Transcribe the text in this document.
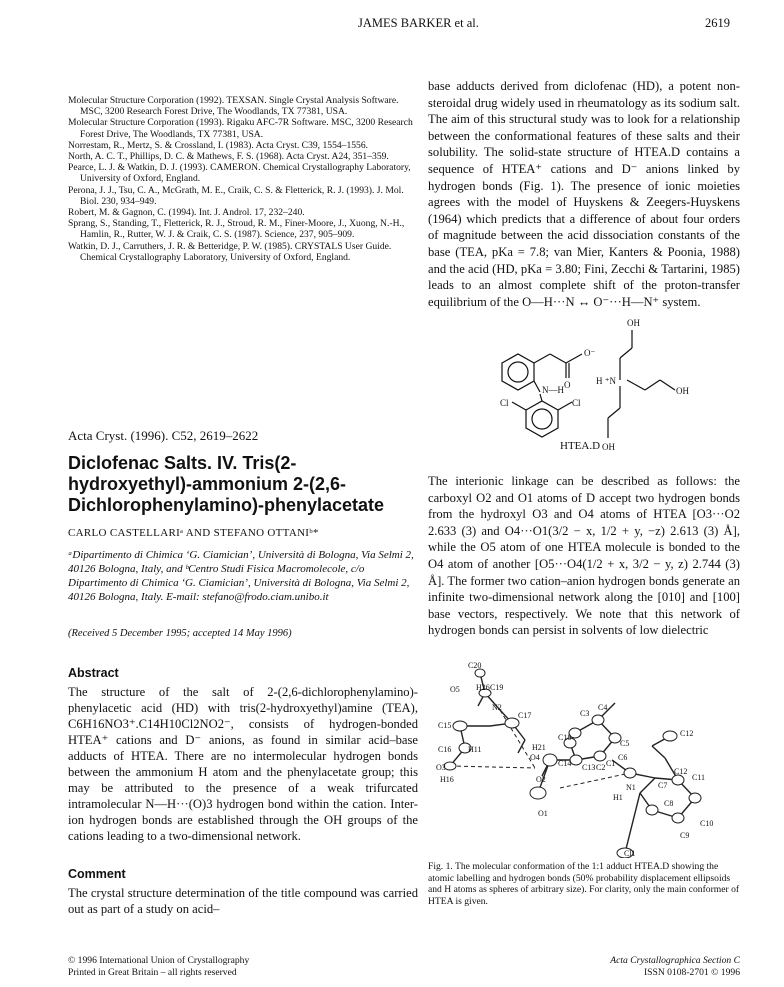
JAMES BARKER et al.	2619

Molecular Structure Corporation (1992). TEXSAN. Single Crystal Analysis Software. MSC, 3200 Research Forest Drive, The Woodlands, TX 77381, USA.

Molecular Structure Corporation (1993). Rigaku AFC-7R Software. MSC, 3200 Research Forest Drive, The Woodlands, TX 77381, USA.

Norrestam, R., Mertz, S. & Crossland, I. (1983). Acta Cryst. C39, 1554–1556.

North, A. C. T., Phillips, D. C. & Mathews, F. S. (1968). Acta Cryst. A24, 351–359.

Pearce, L. J. & Watkin, D. J. (1993). CAMERON. Chemical Crystallography Laboratory, University of Oxford, England.

Perona, J. J., Tsu, C. A., McGrath, M. E., Craik, C. S. & Fletterick, R. J. (1993). J. Mol. Biol. 230, 934–949.

Robert, M. & Gagnon, C. (1994). Int. J. Androl. 17, 232–240.

Sprang, S., Standing, T., Fletterick, R. J., Stroud, R. M., Finer-Moore, J., Xuong, N.-H., Hamlin, R., Rutter, W. J. & Craik, C. S. (1987). Science, 237, 905–909.

Watkin, D. J., Carruthers, J. R. & Betteridge, P. W. (1985). CRYSTALS User Guide. Chemical Crystallography Laboratory, University of Oxford, England.

base adducts derived from diclofenac (HD), a potent non-steroidal drug widely used in rheumatology as its sodium salt. The aim of this structural study was to look for a relationship between the conformational features of these salts and their solubility. The solid-state structure of HTEA.D contains a sequence of HTEA⁺ cations and D⁻ anions linked by hydrogen bonds (Fig. 1). The presence of ionic moieties agrees with the model of Huyskens & Zeegers-Huyskens (1964) which predicts that a difference of about four orders of magnitude between the acid dissociation constants of the base (TEA, pKa = 7.8; van Mier, Kanters & Poonia, 1988) and the acid (HD, pKa = 3.80; Fini, Zecchi & Tartarini, 1985) leads to an almost complete shift of the proton-transfer equilibrium of the O—H···N ↔ O⁻···H—N⁺ system.

O⁻
O
N—H
Cl	Cl
OH
H ⁺N
OH
OH
HTEA.D
Acta Cryst. (1996). C52, 2619–2622
Diclofenac Salts. IV. Tris(2-hydroxyethyl)-ammonium 2-(2,6-Dichlorophenylamino)-phenylacetate
CARLO CASTELLARIᵃ AND STEFANO OTTANIᵇ*
ᵃDipartimento di Chimica ‘G. Ciamician’, Università di Bologna, Via Selmi 2, 40126 Bologna, Italy, and ᵇCentro Studi Fisica Macromolecole, c/o Dipartimento di Chimica ‘G. Ciamician’, Università di Bologna, Via Selmi 2, 40126 Bologna, Italy. E-mail: stefano@frodo.ciam.unibo.it
(Received 5 December 1995; accepted 14 May 1996)

The interionic linkage can be described as follows: the carboxyl O2 and O1 atoms of D accept two hydrogen bonds from the hydroxyl O3 and O4 atoms of HTEA [O3···O2 2.633 (3) and O4···O1(3/2 − x, 1/2 + y, −z) 2.613 (3) Å], while the O5 atom of one HTEA molecule is bonded to the O4 atom of another [O5···O4(1/2 + x, 3/2 − y, z) 2.744 (3) Å]. The former two cation–anion hydrogen bonds generate an infinite two-dimensional network along the [010] and [100] base vectors, respectively. We note that this network of hydrogen bonds can persist in solvents of low dielectric

Abstract

The structure of the salt of 2-(2,6-dichlorophenylamino)-phenylacetic acid (HD) with tris(2-hydroxyethyl)amine (TEA), C6H16NO3⁺.C14H10Cl2NO2⁻, consists of hydrogen-bonded HTEA⁺ cations and D⁻ anions, as found in similar acid–base adducts of HTEA. There are no intermolecular hydrogen bonds between the ammonium H atom and the phenylacetate group; this may be attributed to the presence of a weak trifurcated intramolecular N—H···(O)3 hydrogen bond within the cation. Inter-ion hydrogen bonds are established through the OH groups of the cations leading to a two-dimensional network.

Comment

The crystal structure determination of the title compound was carried out as part of a study on acid–

C20
O5 H26 C19
N2
C15
C17
C18
C3
C4
C12
C16 H11
C5
H21
O4	C6
O3	C13 C2 C1
C14
H16	O2
N1	C7
C12
C11
H1
O1
C8
C10
C9
Cl1
Fig. 1. The molecular conformation of the 1:1 adduct HTEA.D showing the atomic labelling and hydrogen bonds (50% probability displacement ellipsoids and H atoms as spheres of arbitrary size). For clarity, only the main conformer of HTEA is given.
© 1996 International Union of Crystallography
Printed in Great Britain – all rights reserved
Acta Crystallographica Section C
ISSN 0108-2701 © 1996
